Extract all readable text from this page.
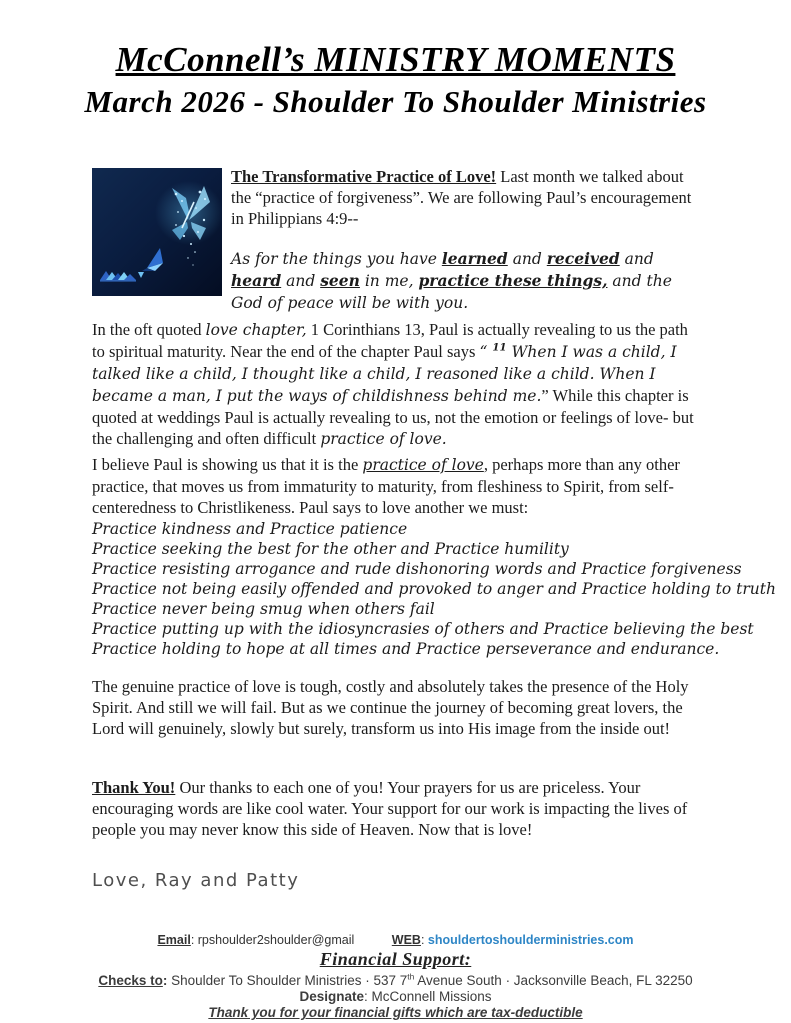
McConnell’s MINISTRY MOMENTS
March 2026 - Shoulder To Shoulder Ministries

The Transformative Practice of Love! Last month we talked about the “practice of forgiveness”. We are following Paul’s encouragement in Philippians 4:9--

As for the things you have learned and received and heard and seen in me, practice these things, and the God of peace will be with you.

In the oft quoted love chapter, 1 Corinthians 13, Paul is actually revealing to us the path to spiritual maturity. Near the end of the chapter Paul says “ $^{11}$ When I was a child, I talked like a child, I thought like a child, I reasoned like a child. When I became a man, I put the ways of childishness behind me.” While this chapter is quoted at weddings Paul is actually revealing to us, not the emotion or feelings of love- but the challenging and often difficult practice of love.

I believe Paul is showing us that it is the practice of love, perhaps more than any other practice, that moves us from immaturity to maturity, from fleshiness to Spirit, from self-centeredness to Christlikeness. Paul says to love another we must:

Practice kindness and Practice patience
Practice seeking the best for the other and Practice humility
Practice resisting arrogance and rude dishonoring words and Practice forgiveness
Practice not being easily offended and provoked to anger and Practice holding to truth
Practice never being smug when others fail
Practice putting up with the idiosyncrasies of others and Practice believing the best
Practice holding to hope at all times and Practice perseverance and endurance.

The genuine practice of love is tough, costly and absolutely takes the presence of the Holy Spirit. And still we will fail. But as we continue the journey of becoming great lovers, the Lord will genuinely, slowly but surely, transform us into His image from the inside out!

Thank You! Our thanks to each one of you! Your prayers for us are priceless. Your encouraging words are like cool water. Your support for our work is impacting the lives of people you may never know this side of Heaven. Now that is love!

Love, Ray and Patty

Email: rpshoulder2shoulder@gmail	WEB: shouldertoshoulderministries.com
Financial Support:
Checks to: Shoulder To Shoulder Ministries · 537 7th Avenue South · Jacksonville Beach, FL 32250
Designate: McConnell Missions
Thank you for your financial gifts which are tax-deductible
